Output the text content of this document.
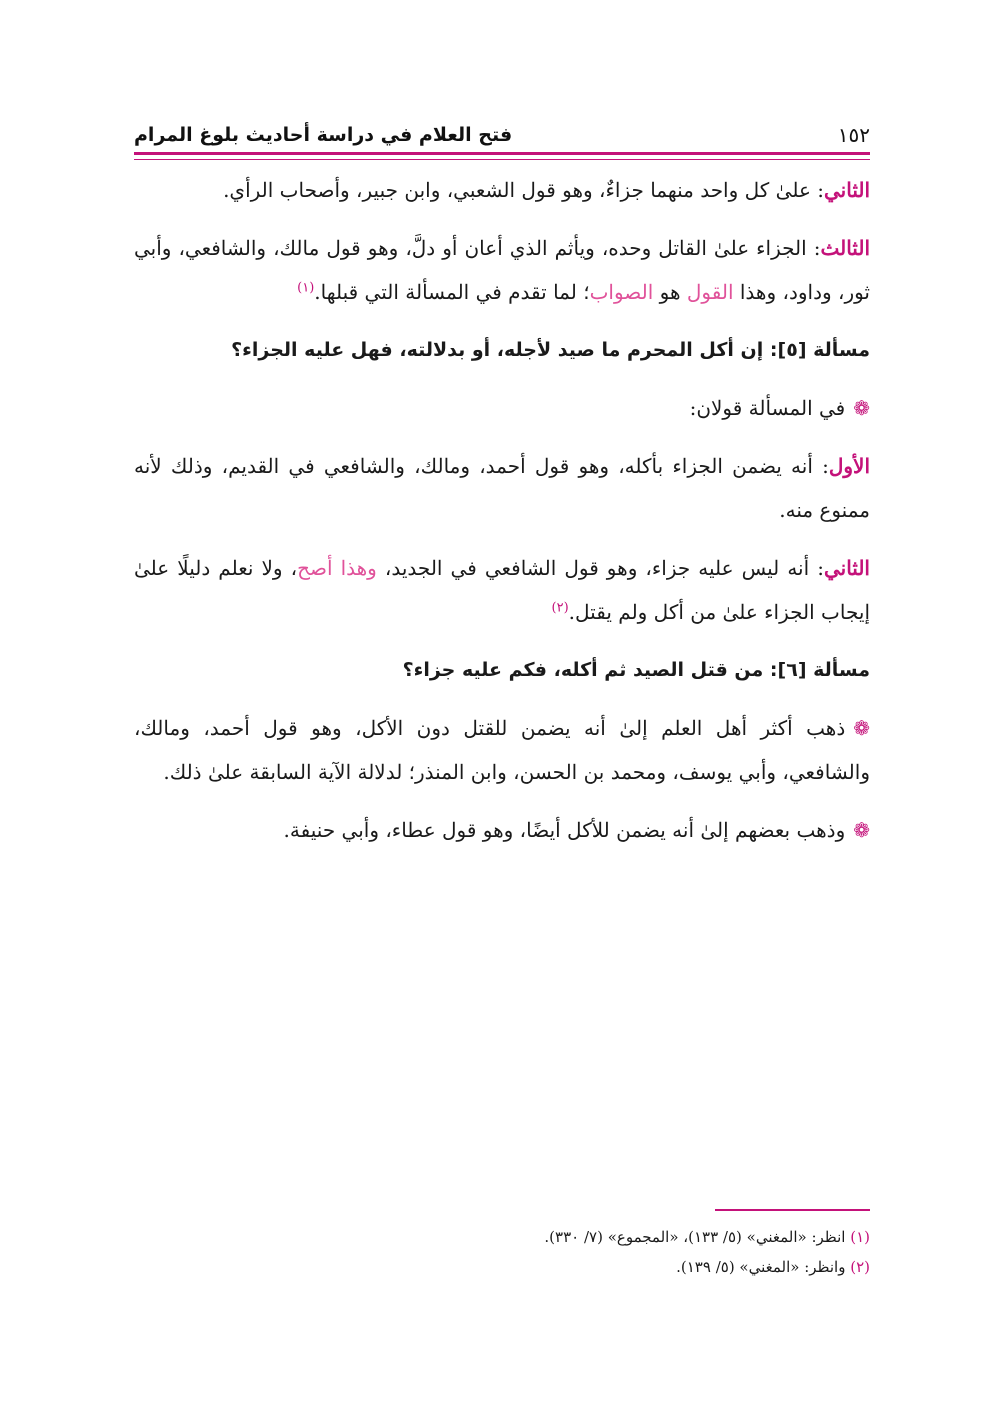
١٥٢
فتح العلام في دراسة أحاديث بلوغ المرام

الثاني: علىٰ كل واحد منهما جزاءٌ، وهو قول الشعبي، وابن جبير، وأصحاب الرأي.

الثالث: الجزاء علىٰ القاتل وحده، ويأثم الذي أعان أو دلَّ، وهو قول مالك، والشافعي، وأبي ثور، وداود، وهذا القول هو الصواب؛ لما تقدم في المسألة التي قبلها.$^{(١)}$

مسألة [٥]: إن أكل المحرم ما صيد لأجله، أو بدلالته، فهل عليه الجزاء؟

❁في المسألة قولان:

الأول: أنه يضمن الجزاء بأكله، وهو قول أحمد، ومالك، والشافعي في القديم، وذلك لأنه ممنوع منه.

الثاني: أنه ليس عليه جزاء، وهو قول الشافعي في الجديد، وهذا أصح، ولا نعلم دليلًا علىٰ إيجاب الجزاء علىٰ من أكل ولم يقتل.$^{(٢)}$

مسألة [٦]: من قتل الصيد ثم أكله، فكم عليه جزاء؟

❁ذهب أكثر أهل العلم إلىٰ أنه يضمن للقتل دون الأكل، وهو قول أحمد، ومالك، والشافعي، وأبي يوسف، ومحمد بن الحسن، وابن المنذر؛ لدلالة الآية السابقة علىٰ ذلك.

❁وذهب بعضهم إلىٰ أنه يضمن للأكل أيضًا، وهو قول عطاء، وأبي حنيفة.

(١) انظر: «المغني» (٥/ ١٣٣)، «المجموع» (٧/ ٣٣٠).
(٢) وانظر: «المغني» (٥/ ١٣٩).
